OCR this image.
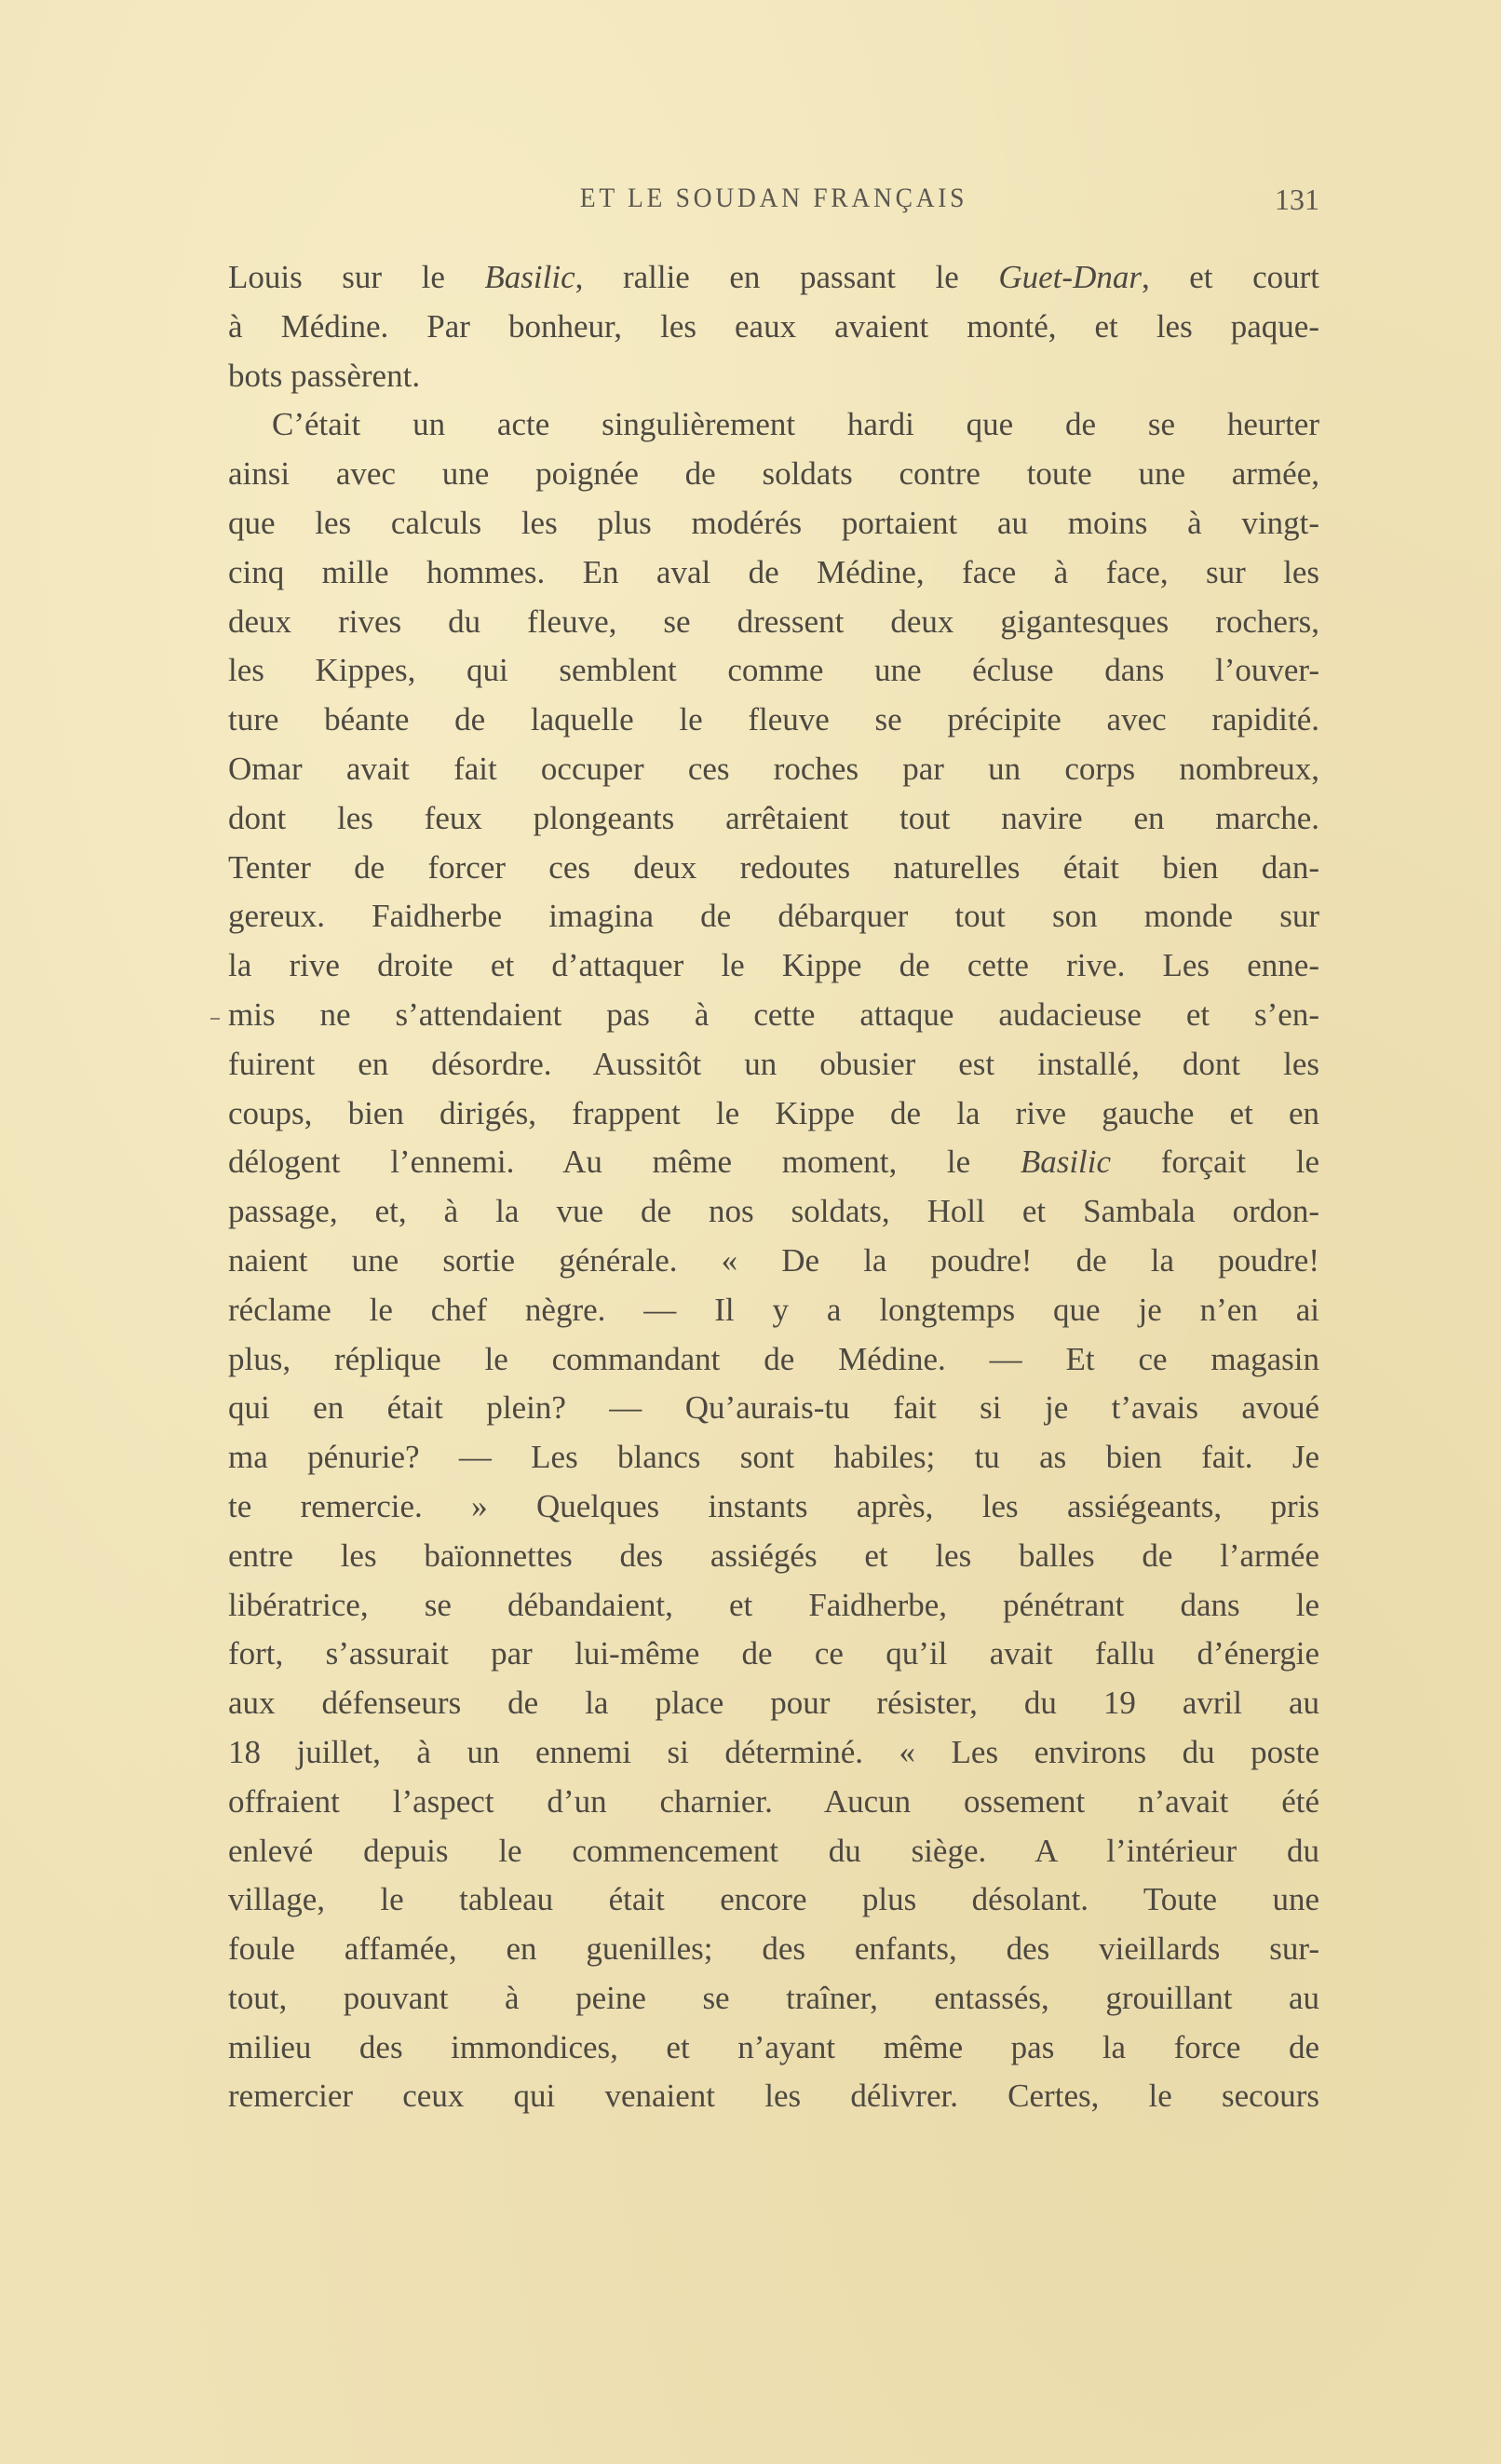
ET LE SOUDAN FRANÇAIS	131
Louis sur le Basilic, rallie en passant le Guet-Dnar, et court
à Médine. Par bonheur, les eaux avaient monté, et les paque-
bots passèrent.
C’était un acte singulièrement hardi que de se heurter
ainsi avec une poignée de soldats contre toute une armée,
que les calculs les plus modérés portaient au moins à vingt-
cinq mille hommes. En aval de Médine, face à face, sur les
deux rives du fleuve, se dressent deux gigantesques rochers,
les Kippes, qui semblent comme une écluse dans l’ouver-
ture béante de laquelle le fleuve se précipite avec rapidité.
Omar avait fait occuper ces roches par un corps nombreux,
dont les feux plongeants arrêtaient tout navire en marche.
Tenter de forcer ces deux redoutes naturelles était bien dan-
gereux. Faidherbe imagina de débarquer tout son monde sur
la rive droite et d’attaquer le Kippe de cette rive. Les enne-
mis ne s’attendaient pas à cette attaque audacieuse et s’en-
fuirent en désordre. Aussitôt un obusier est installé, dont les
coups, bien dirigés, frappent le Kippe de la rive gauche et en
délogent l’ennemi. Au même moment, le Basilic forçait le
passage, et, à la vue de nos soldats, Holl et Sambala ordon-
naient une sortie générale. « De la poudre! de la poudre!
réclame le chef nègre. — Il y a longtemps que je n’en ai
plus, réplique le commandant de Médine. — Et ce magasin
qui en était plein? — Qu’aurais-tu fait si je t’avais avoué
ma pénurie? — Les blancs sont habiles; tu as bien fait. Je
te remercie. » Quelques instants après, les assiégeants, pris
entre les baïonnettes des assiégés et les balles de l’armée
libératrice, se débandaient, et Faidherbe, pénétrant dans le
fort, s’assurait par lui-même de ce qu’il avait fallu d’énergie
aux défenseurs de la place pour résister, du 19 avril au
18 juillet, à un ennemi si déterminé. « Les environs du poste
offraient l’aspect d’un charnier. Aucun ossement n’avait été
enlevé depuis le commencement du siège. A l’intérieur du
village, le tableau était encore plus désolant. Toute une
foule affamée, en guenilles; des enfants, des vieillards sur-
tout, pouvant à peine se traîner, entassés, grouillant au
milieu des immondices, et n’ayant même pas la force de
remercier ceux qui venaient les délivrer. Certes, le secours
